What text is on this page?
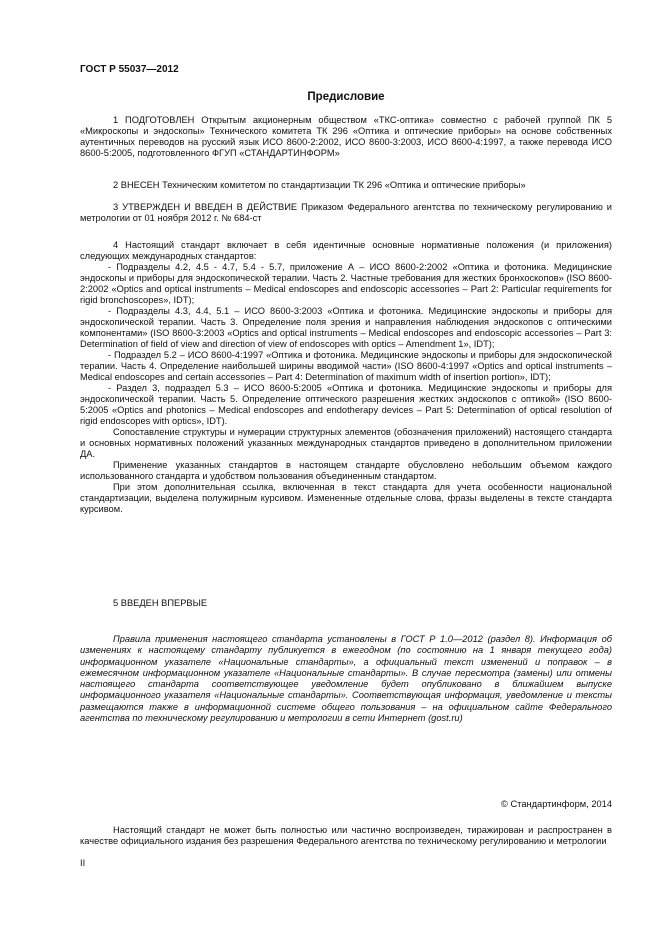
ГОСТ Р 55037—2012
Предисловие

1 ПОДГОТОВЛЕН Открытым акционерным обществом «ТКС-оптика» совместно с рабочей группой ПК 5 «Микроскопы и эндоскопы» Технического комитета ТК 296 «Оптика и оптические приборы» на основе собственных аутентичных переводов на русский язык ИСО 8600-2:2002, ИСО 8600-3:2003, ИСО 8600-4:1997, а также перевода ИСО 8600-5:2005, подготовленного ФГУП «СТАНДАРТИНФОРМ»

2 ВНЕСЕН Техническим комитетом по стандартизации ТК 296 «Оптика и оптические приборы»

3 УТВЕРЖДЕН И ВВЕДЕН В ДЕЙСТВИЕ Приказом Федерального агентства по техническому регулированию и метрологии от 01 ноября 2012 г. № 684-ст

4 Настоящий стандарт включает в себя идентичные основные нормативные положения (и приложения) следующих международных стандартов:

- Подразделы 4.2, 4.5 - 4.7, 5.4 - 5.7, приложение А – ИСО 8600-2:2002 «Оптика и фотоника. Медицинские эндоскопы и приборы для эндоскопической терапии. Часть 2. Частные требования для жестких бронхоскопов» (ISO 8600-2:2002 «Optics and optical instruments – Medical endoscopes and endoscopic accessories – Part 2: Particular requirements for rigid bronchoscopes», IDT);

- Подразделы 4.3, 4.4, 5.1 – ИСО 8600-3:2003 «Оптика и фотоника. Медицинские эндоскопы и приборы для эндоскопической терапии. Часть 3. Определение поля зрения и направления наблюдения эндоскопов с оптическими компонентами» (ISO 8600-3:2003 «Optics and optical instruments – Medical endoscopes and endoscopic accessories – Part 3: Determination of field of view and direction of view of endoscopes with optics – Amendment 1», IDT);

- Подраздел 5.2 – ИСО 8600-4:1997 «Оптика и фотоника. Медицинские эндоскопы и приборы для эндоскопической терапии. Часть 4. Определение наибольшей ширины вводимой части» (ISO 8600-4:1997 «Optics and optical instruments – Medical endoscopes and certain accessories – Part 4: Determination of maximum width of insertion portion», IDT);

- Раздел 3, подраздел 5.3 – ИСО 8600-5:2005 «Оптика и фотоника. Медицинские эндоскопы и приборы для эндоскопической терапии. Часть 5. Определение оптического разрешения жестких эндоскопов с оптикой» (ISO 8600-5:2005 «Optics and photonics – Medical endoscopes and endotherapy devices – Part 5: Determination of optical resolution of rigid endoscopes with optics», IDT).

Сопоставление структуры и нумерации структурных элементов (обозначения приложений) настоящего стандарта и основных нормативных положений указанных международных стандартов приведено в дополнительном приложении ДА.

Применение указанных стандартов в настоящем стандарте обусловлено небольшим объемом каждого использованного стандарта и удобством пользования объединенным стандартом.

При этом дополнительная ссылка, включенная в текст стандарта для учета особенности национальной стандартизации, выделена полужирным курсивом. Измененные отдельные слова, фразы выделены в тексте стандарта курсивом.

5 ВВЕДЕН ВПЕРВЫЕ

Правила применения настоящего стандарта установлены в ГОСТ Р 1.0—2012 (раздел 8). Информация об изменениях к настоящему стандарту публикуется в ежегодном (по состоянию на 1 января текущего года) информационном указателе «Национальные стандарты», а официальный текст изменений и поправок – в ежемесячном информационном указателе «Национальные стандарты». В случае пересмотра (замены) или отмены настоящего стандарта соответствующее уведомление будет опубликовано в ближайшем выпуске информационного указателя «Национальные стандарты». Соответствующая информация, уведомление и тексты размещаются также в информационной системе общего пользования – на официальном сайте Федерального агентства по техническому регулированию и метрологии в сети Интернет (gost.ru)

© Стандартинформ, 2014

Настоящий стандарт не может быть полностью или частично воспроизведен, тиражирован и распространен в качестве официального издания без разрешения Федерального агентства по техническому регулированию и метрологии

II
